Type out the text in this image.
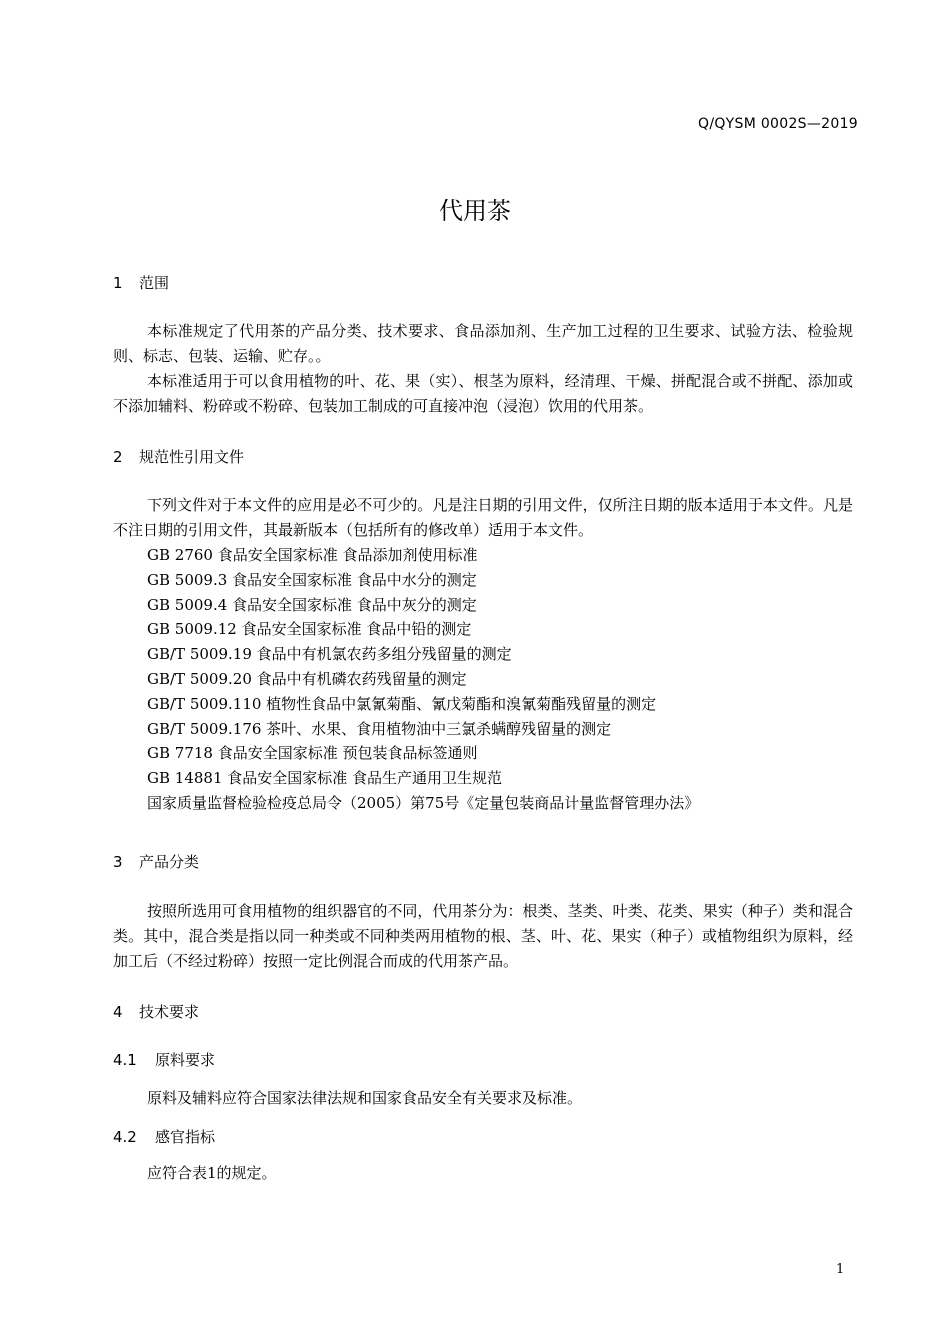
Q/QYSM 0002S—2019
代用茶
1 范围
本标准规定了代用茶的产品分类、技术要求、食品添加剂、生产加工过程的卫生要求、试验方法、检验规则、标志、包装、运输、贮存。。
本标准适用于可以食用植物的叶、花、果（实）、根茎为原料，经清理、干燥、拼配混合或不拼配、添加或不添加辅料、粉碎或不粉碎、包装加工制成的可直接冲泡（浸泡）饮用的代用茶。
2 规范性引用文件
下列文件对于本文件的应用是必不可少的。凡是注日期的引用文件，仅所注日期的版本适用于本文件。凡是不注日期的引用文件，其最新版本（包括所有的修改单）适用于本文件。
GB 2760 食品安全国家标准 食品添加剂使用标准
GB 5009.3 食品安全国家标准 食品中水分的测定
GB 5009.4 食品安全国家标准 食品中灰分的测定
GB 5009.12 食品安全国家标准 食品中铅的测定
GB/T 5009.19 食品中有机氯农药多组分残留量的测定
GB/T 5009.20 食品中有机磷农药残留量的测定
GB/T 5009.110 植物性食品中氯氰菊酯、氰戊菊酯和溴氰菊酯残留量的测定
GB/T 5009.176 茶叶、水果、食用植物油中三氯杀螨醇残留量的测定
GB 7718 食品安全国家标准 预包装食品标签通则
GB 14881 食品安全国家标准 食品生产通用卫生规范
国家质量监督检验检疫总局令（2005）第75号《定量包装商品计量监督管理办法》
3 产品分类
按照所选用可食用植物的组织器官的不同，代用茶分为：根类、茎类、叶类、花类、果实（种子）类和混合类。其中，混合类是指以同一种类或不同种类两用植物的根、茎、叶、花、果实（种子）或植物组织为原料，经加工后（不经过粉碎）按照一定比例混合而成的代用茶产品。
4 技术要求
4.1 原料要求
原料及辅料应符合国家法律法规和国家食品安全有关要求及标准。
4.2 感官指标
应符合表1的规定。
1
